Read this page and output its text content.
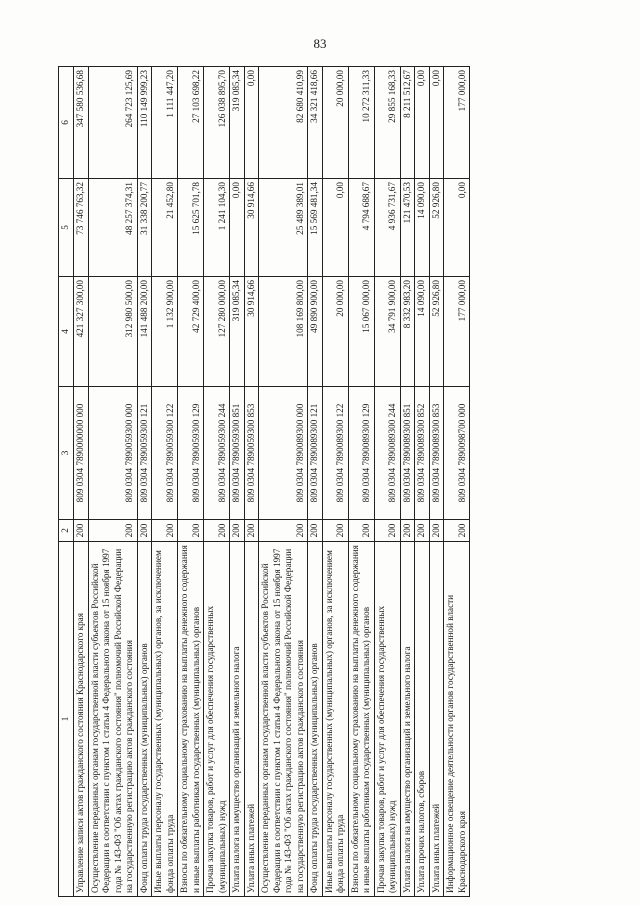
83
1	2	3	4	5	6
Управление записи актов гражданского состояния Краснодарского края	200	809 0304 7890000000 000	421 327 300,00	73 746 763,32	347 580 536,68
Осуществление переданных органам государственной власти субъектов Российской Федерации в соответствии с пунктом 1 статьи 4 Федерального закона от 15 ноября 1997 года № 143-ФЗ "Об актах гражданского состояния" полномочий Российской Федерации на государственную регистрацию актов гражданского состояния	200	809 0304 7890059300 000	312 980 500,00	48 257 374,31	264 723 125,69
Фонд оплаты труда государственных (муниципальных) органов	200	809 0304 7890059300 121	141 488 200,00	31 338 200,77	110 149 999,23
Иные выплаты персоналу государственных (муниципальных) органов, за исключением фонда оплаты труда	200	809 0304 7890059300 122	1 132 900,00	21 452,80	1 111 447,20
Взносы по обязательному социальному страхованию на выплаты денежного содержания и иные выплаты работникам государственных (муниципальных) органов	200	809 0304 7890059300 129	42 729 400,00	15 625 701,78	27 103 698,22
Прочая закупка товаров, работ и услуг для обеспечения государственных (муниципальных) нужд	200	809 0304 7890059300 244	127 280 000,00	1 241 104,30	126 038 895,70
Уплата налога на имущество организаций и земельного налога	200	809 0304 7890059300 851	319 085,34	0,00	319 085,34
Уплата иных платежей	200	809 0304 7890059300 853	30 914,66	30 914,66	0,00
Осуществление переданных органам государственной власти субъектов Российской Федерации в соответствии с пунктом 1 статьи 4 Федерального закона от 15 ноября 1997 года № 143-ФЗ "Об актах гражданского состояния" полномочий Российской Федерации на государственную регистрацию актов гражданского состояния	200	809 0304 7890089300 000	108 169 800,00	25 489 389,01	82 680 410,99
Фонд оплаты труда государственных (муниципальных) органов	200	809 0304 7890089300 121	49 890 900,00	15 569 481,34	34 321 418,66
Иные выплаты персоналу государственных (муниципальных) органов, за исключением фонда оплаты труда	200	809 0304 7890089300 122	20 000,00	0,00	20 000,00
Взносы по обязательному социальному страхованию на выплаты денежного содержания и иные выплаты работникам государственных (муниципальных) органов	200	809 0304 7890089300 129	15 067 000,00	4 794 688,67	10 272 311,33
Прочая закупка товаров, работ и услуг для обеспечения государственных (муниципальных) нужд	200	809 0304 7890089300 244	34 791 900,00	4 936 731,67	29 855 168,33
Уплата налога на имущество организаций и земельного налога	200	809 0304 7890089300 851	8 332 983,20	121 470,53	8 211 512,67
Уплата прочих налогов, сборов	200	809 0304 7890089300 852	14 090,00	14 090,00	0,00
Уплата иных платежей	200	809 0304 7890089300 853	52 926,80	52 926,80	0,00
Информационное освещение деятельности органов государственной власти Краснодарского края	200	809 0304 7890098700 000	177 000,00	0,00	177 000,00
